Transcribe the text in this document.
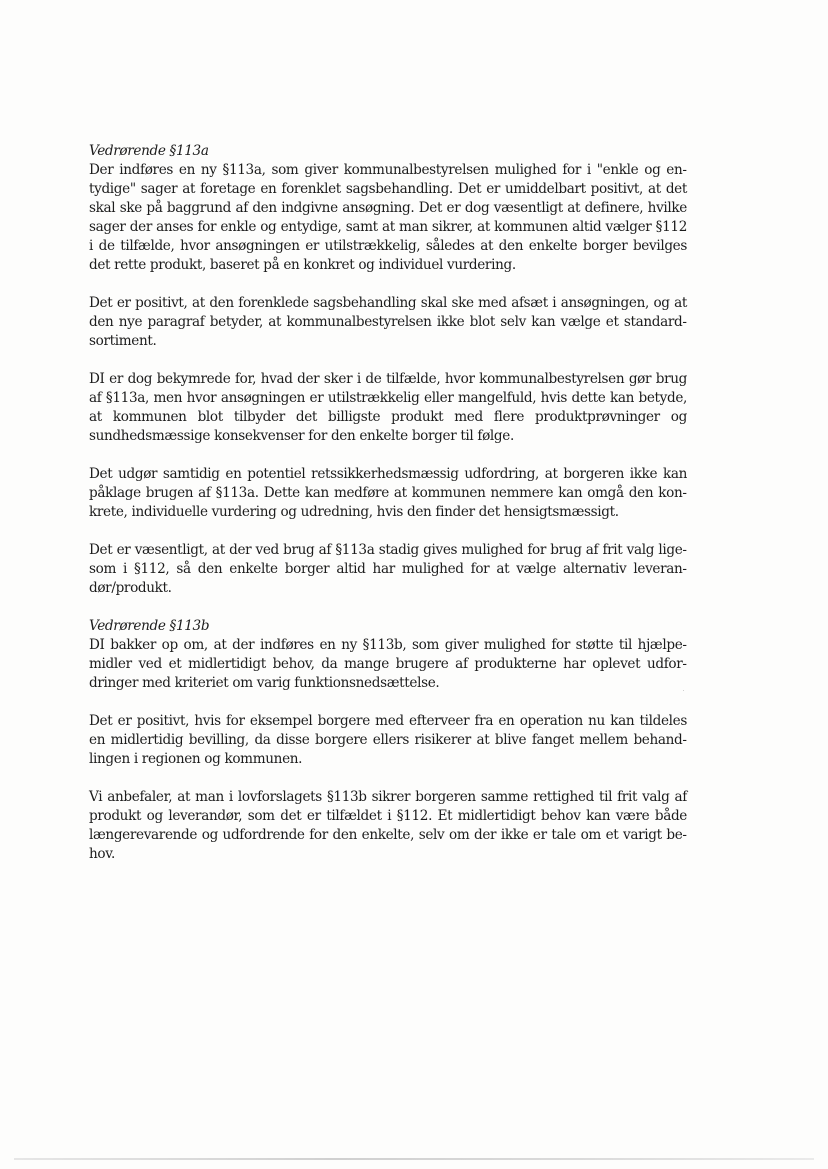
Vedrørende §113a

Der indføres en ny §113a, som giver kommunalbestyrelsen mulighed for i "enkle og entydige" sager at foretage en forenklet sagsbehandling. Det er umiddelbart positivt, at det skal ske på baggrund af den indgivne ansøgning. Det er dog væsentligt at definere, hvilke sager der anses for enkle og entydige, samt at man sikrer, at kommunen altid vælger §112 i de tilfælde, hvor ansøgningen er utilstrækkelig, således at den enkelte borger bevilges det rette produkt, baseret på en konkret og individuel vurdering.

Det er positivt, at den forenklede sagsbehandling skal ske med afsæt i ansøgningen, og at den nye paragraf betyder, at kommunalbestyrelsen ikke blot selv kan vælge et standardsortiment.

DI er dog bekymrede for, hvad der sker i de tilfælde, hvor kommunalbestyrelsen gør brug af §113a, men hvor ansøgningen er utilstrækkelig eller mangelfuld, hvis dette kan betyde, at kommunen blot tilbyder det billigste produkt med flere produktprøvninger og sundhedsmæssige konsekvenser for den enkelte borger til følge.

Det udgør samtidig en potentiel retssikkerhedsmæssig udfordring, at borgeren ikke kan påklage brugen af §113a. Dette kan medføre at kommunen nemmere kan omgå den konkrete, individuelle vurdering og udredning, hvis den finder det hensigtsmæssigt.

Det er væsentligt, at der ved brug af §113a stadig gives mulighed for brug af frit valg ligesom i §112, så den enkelte borger altid har mulighed for at vælge alternativ leverandør/produkt.

Vedrørende §113b

DI bakker op om, at der indføres en ny §113b, som giver mulighed for støtte til hjælpemidler ved et midlertidigt behov, da mange brugere af produkterne har oplevet udfordringer med kriteriet om varig funktionsnedsættelse.

Det er positivt, hvis for eksempel borgere med efterveer fra en operation nu kan tildeles en midlertidig bevilling, da disse borgere ellers risikerer at blive fanget mellem behandlingen i regionen og kommunen.

Vi anbefaler, at man i lovforslagets §113b sikrer borgeren samme rettighed til frit valg af produkt og leverandør, som det er tilfældet i §112. Et midlertidigt behov kan være både længerevarende og udfordrende for den enkelte, selv om der ikke er tale om et varigt behov.
